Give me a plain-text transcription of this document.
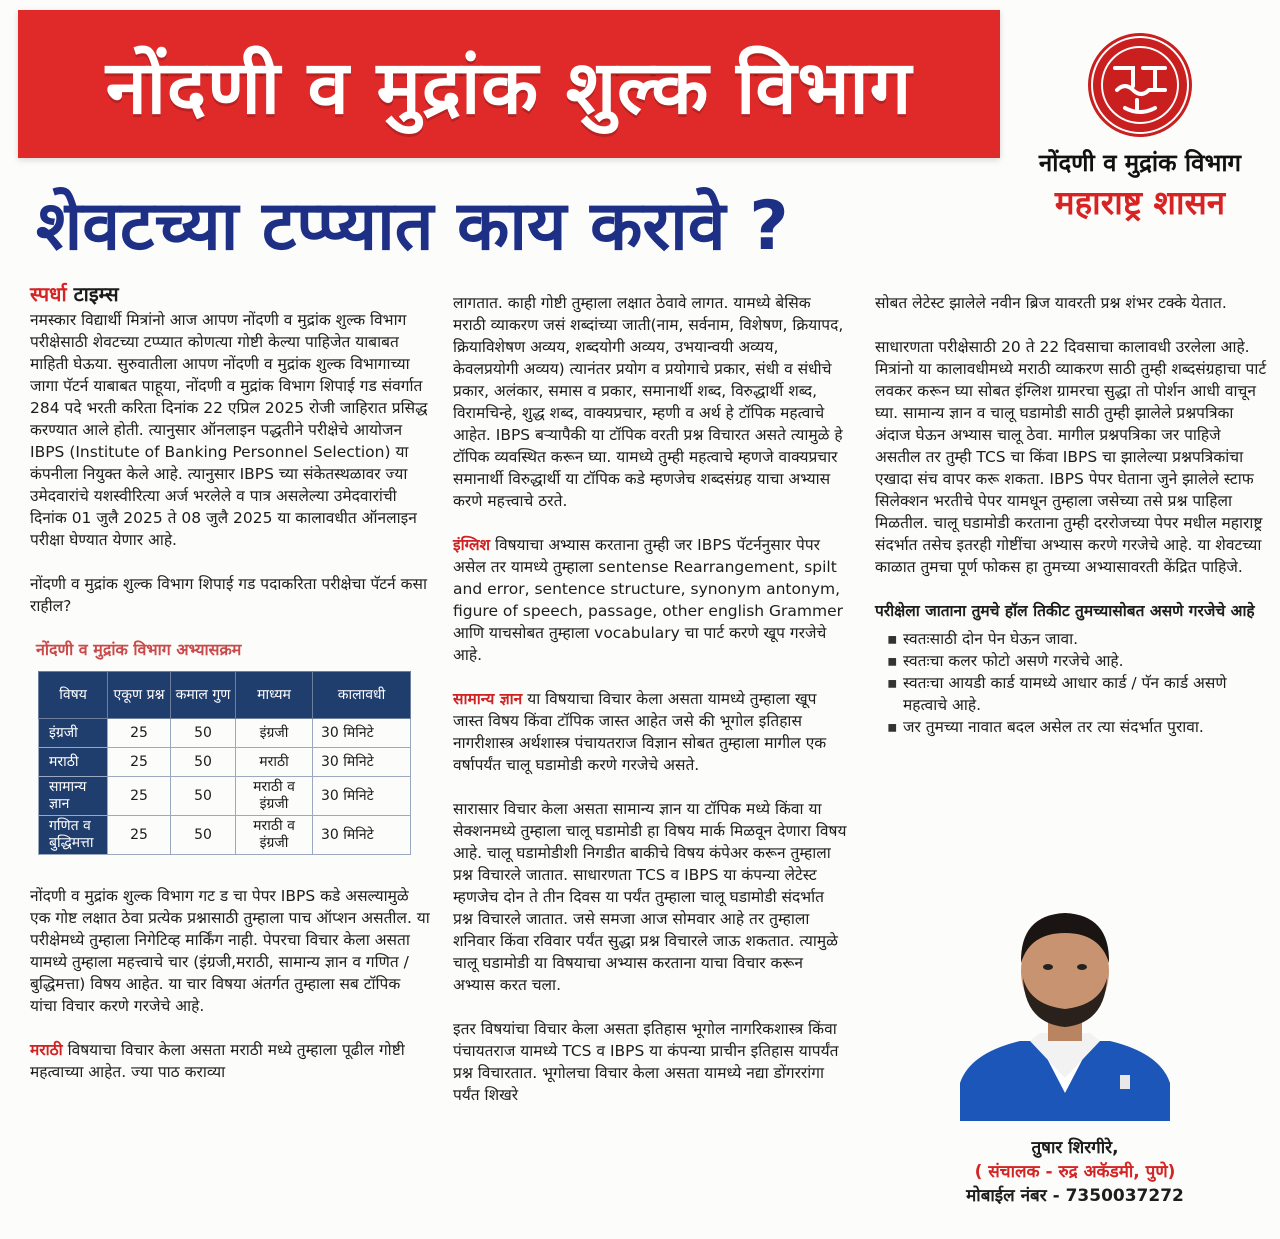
नोंदणी व मुद्रांक शुल्क विभाग
शेवटच्या टप्प्यात काय करावे ?
नोंदणी व मुद्रांक विभाग
महाराष्ट्र शासन
स्पर्धा टाइम्स

नमस्कार विद्यार्थी मित्रांनो आज आपण नोंदणी व मुद्रांक शुल्क विभाग परीक्षेसाठी शेवटच्या टप्प्यात कोणत्या गोष्टी केल्या पाहिजेत याबाबत माहिती घेऊया. सुरुवातीला आपण नोंदणी व मुद्रांक शुल्क विभागाच्या जागा पॅटर्न याबाबत पाहूया, नोंदणी व मुद्रांक विभाग शिपाई गड संवर्गात 284 पदे भरती करिता दिनांक 22 एप्रिल 2025 रोजी जाहिरात प्रसिद्ध करण्यात आले होती. त्यानुसार ऑनलाइन पद्धतीने परीक्षेचे आयोजन IBPS (Institute of Banking Personnel Selection) या कंपनीला नियुक्त केले आहे. त्यानुसार IBPS च्या संकेतस्थळावर ज्या उमेदवारांचे यशस्वीरित्या अर्ज भरलेले व पात्र असलेल्या उमेदवारांची दिनांक 01 जुलै 2025 ते 08 जुलै 2025 या कालावधीत ऑनलाइन परीक्षा घेण्यात येणार आहे.

नोंदणी व मुद्रांक शुल्क विभाग शिपाई गड पदाकरिता परीक्षेचा पॅटर्न कसा राहील?

नोंदणी व मुद्रांक विभाग अभ्यासक्रम
विषय	एकूण प्रश्न	कमाल गुण	माध्यम	कालावधी
इंग्रजी	25	50	इंग्रजी	30 मिनिटे
मराठी	25	50	मराठी	30 मिनिटे
सामान्य ज्ञान	25	50	मराठी व इंग्रजी	30 मिनिटे
गणित व बुद्धिमत्ता	25	50	मराठी व इंग्रजी	30 मिनिटे

नोंदणी व मुद्रांक शुल्क विभाग गट ड चा पेपर IBPS कडे असल्यामुळे एक गोष्ट लक्षात ठेवा प्रत्येक प्रश्नासाठी तुम्हाला पाच ऑप्शन असतील. या परीक्षेमध्ये तुम्हाला निगेटिव्ह मार्किंग नाही. पेपरचा विचार केला असता यामध्ये तुम्हाला महत्त्वाचे चार (इंग्रजी,मराठी, सामान्य ज्ञान व गणित / बुद्धिमत्ता) विषय आहेत. या चार विषया अंतर्गत तुम्हाला सब टॉपिक यांचा विचार करणे गरजेचे आहे.

मराठी विषयाचा विचार केला असता मराठी मध्ये तुम्हाला पूढील गोष्टी महत्वाच्या आहेत. ज्या पाठ कराव्या

लागतात. काही गोष्टी तुम्हाला लक्षात ठेवावे लागत. यामध्ये बेसिक मराठी व्याकरण जसं शब्दांच्या जाती(नाम, सर्वनाम, विशेषण, क्रियापद, क्रियाविशेषण अव्यय, शब्दयोगी अव्यय, उभयान्वयी अव्यय, केवलप्रयोगी अव्यय) त्यानंतर प्रयोग व प्रयोगाचे प्रकार, संधी व संधीचे प्रकार, अलंकार, समास व प्रकार, समानार्थी शब्द, विरुद्धार्थी शब्द, विरामचिन्हे, शुद्ध शब्द, वाक्यप्रचार, म्हणी व अर्थ हे टॉपिक महत्वाचे आहेत. IBPS बऱ्यापैकी या टॉपिक वरती प्रश्न विचारत असते त्यामुळे हे टॉपिक व्यवस्थित करून घ्या. यामध्ये तुम्ही महत्वाचे म्हणजे वाक्यप्रचार समानार्थी विरुद्धार्थी या टॉपिक कडे म्हणजेच शब्दसंग्रह याचा अभ्यास करणे महत्त्वाचे ठरते.

इंग्लिश विषयाचा अभ्यास करताना तुम्ही जर IBPS पॅटर्ननुसार पेपर असेल तर यामध्ये तुम्हाला sentense Rearrangement, spilt and error, sentence structure, synonym antonym, figure of speech, passage, other english Grammer आणि याचसोबत तुम्हाला vocabulary चा पार्ट करणे खूप गरजेचे आहे.

सामान्य ज्ञान या विषयाचा विचार केला असता यामध्ये तुम्हाला खूप जास्त विषय किंवा टॉपिक जास्त आहेत जसे की भूगोल इतिहास नागरीशास्त्र अर्थशास्त्र पंचायतराज विज्ञान सोबत तुम्हाला मागील एक वर्षापर्यंत चालू घडामोडी करणे गरजेचे असते.

सारासार विचार केला असता सामान्य ज्ञान या टॉपिक मध्ये किंवा या सेक्शनमध्ये तुम्हाला चालू घडामोडी हा विषय मार्क मिळवून देणारा विषय आहे. चालू घडामोडीशी निगडीत बाकीचे विषय कंपेअर करून तुम्हाला प्रश्न विचारले जातात. साधारणता TCS व IBPS या कंपन्या लेटेस्ट म्हणजेच दोन ते तीन दिवस या पर्यंत तुम्हाला चालू घडामोडी संदर्भात प्रश्न विचारले जातात. जसे समजा आज सोमवार आहे तर तुम्हाला शनिवार किंवा रविवार पर्यंत सुद्धा प्रश्न विचारले जाऊ शकतात. त्यामुळे चालू घडामोडी या विषयाचा अभ्यास करताना याचा विचार करून अभ्यास करत चला.

इतर विषयांचा विचार केला असता इतिहास भूगोल नागरिकशास्त्र किंवा पंचायतराज यामध्ये TCS व IBPS या कंपन्या प्राचीन इतिहास यापर्यंत प्रश्न विचारतात. भूगोलचा विचार केला असता यामध्ये नद्या डोंगररांगा पर्यंत शिखरे

सोबत लेटेस्ट झालेले नवीन ब्रिज यावरती प्रश्न शंभर टक्के येतात.

साधारणता परीक्षेसाठी 20 ते 22 दिवसाचा कालावधी उरलेला आहे. मित्रांनो या कालावधीमध्ये मराठी व्याकरण साठी तुम्ही शब्दसंग्रहाचा पार्ट लवकर करून घ्या सोबत इंग्लिश ग्रामरचा सुद्धा तो पोर्शन आधी वाचून घ्या. सामान्य ज्ञान व चालू घडामोडी साठी तुम्ही झालेले प्रश्नपत्रिका अंदाज घेऊन अभ्यास चालू ठेवा. मागील प्रश्नपत्रिका जर पाहिजे असतील तर तुम्ही TCS चा किंवा IBPS चा झालेल्या प्रश्नपत्रिकांचा एखादा संच वापर करू शकता. IBPS पेपर घेताना जुने झालेले स्टाफ सिलेक्शन भरतीचे पेपर यामधून तुम्हाला जसेच्या तसे प्रश्न पाहिला मिळतील. चालू घडामोडी करताना तुम्ही दररोजच्या पेपर मधील महाराष्ट्र संदर्भात तसेच इतरही गोष्टींचा अभ्यास करणे गरजेचे आहे. या शेवटच्या काळात तुमचा पूर्ण फोकस हा तुमच्या अभ्यासावरती केंद्रित पाहिजे.

परीक्षेला जाताना तुमचे हॉल तिकीट तुमच्यासोबत असणे गरजेचे आहे
▪ स्वतःसाठी दोन पेन घेऊन जावा.
▪ स्वतःचा कलर फोटो असणे गरजेचे आहे.
▪ स्वतःचा आयडी कार्ड यामध्ये आधार कार्ड / पॅन कार्ड असणे महत्वाचे आहे.
▪ जर तुमच्या नावात बदल असेल तर त्या संदर्भात पुरावा.
तुषार शिरगीरे,
( संचालक - रुद्र अकॅडमी, पुणे)
मोबाईल नंबर - 7350037272
